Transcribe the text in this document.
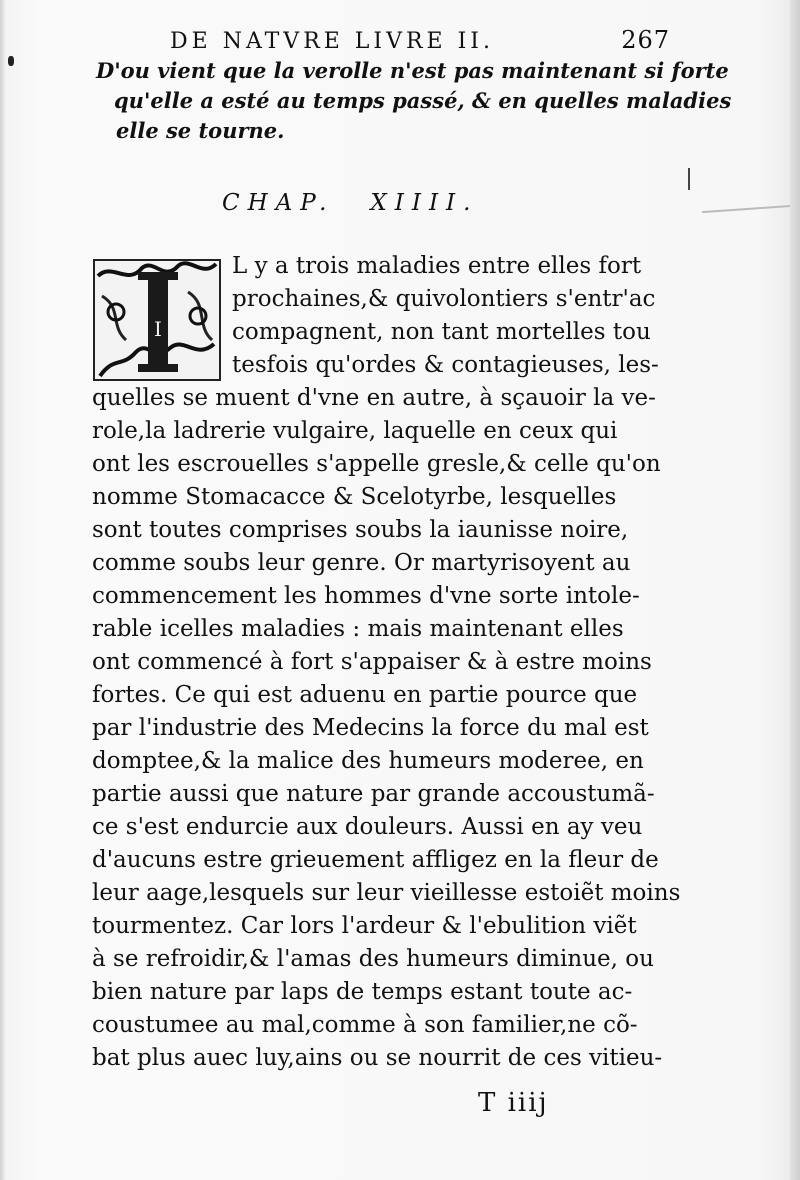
DE NATVRE LIVRE II.	267
D'ou vient que la verolle n'est pas maintenant si forte
qu'elle a esté au temps passé, & en quelles maladies
elle se tourne.
CHAP. XIIII.
I
L y a trois maladies entre elles fort
prochaines,& quivolontiers s'entr'ac
compagnent, non tant mortelles tou
tesfois qu'ordes & contagieuses, les-
quelles se muent d'vne en autre, à sçauoir la ve-
role,la ladrerie vulgaire, laquelle en ceux qui
ont les escrouelles s'appelle gresle,& celle qu'on
nomme Stomacacce & Scelotyrbe, lesquelles
sont toutes comprises soubs la iaunisse noire,
comme soubs leur genre. Or martyrisoyent au
commencement les hommes d'vne sorte intole-
rable icelles maladies : mais maintenant elles
ont commencé à fort s'appaiser & à estre moins
fortes. Ce qui est aduenu en partie pource que
par l'industrie des Medecins la force du mal est
domptee,& la malice des humeurs moderee, en
partie aussi que nature par grande accoustumã-
ce s'est endurcie aux douleurs. Aussi en ay veu
d'aucuns estre grieuement affligez en la fleur de
leur aage,lesquels sur leur vieillesse estoiẽt moins
tourmentez. Car lors l'ardeur & l'ebulition viẽt
à se refroidir,& l'amas des humeurs diminue, ou
bien nature par laps de temps estant toute ac-
coustumee au mal,comme à son familier,ne cõ-
bat plus auec luy,ains ou se nourrit de ces vitieu-
T iiij
